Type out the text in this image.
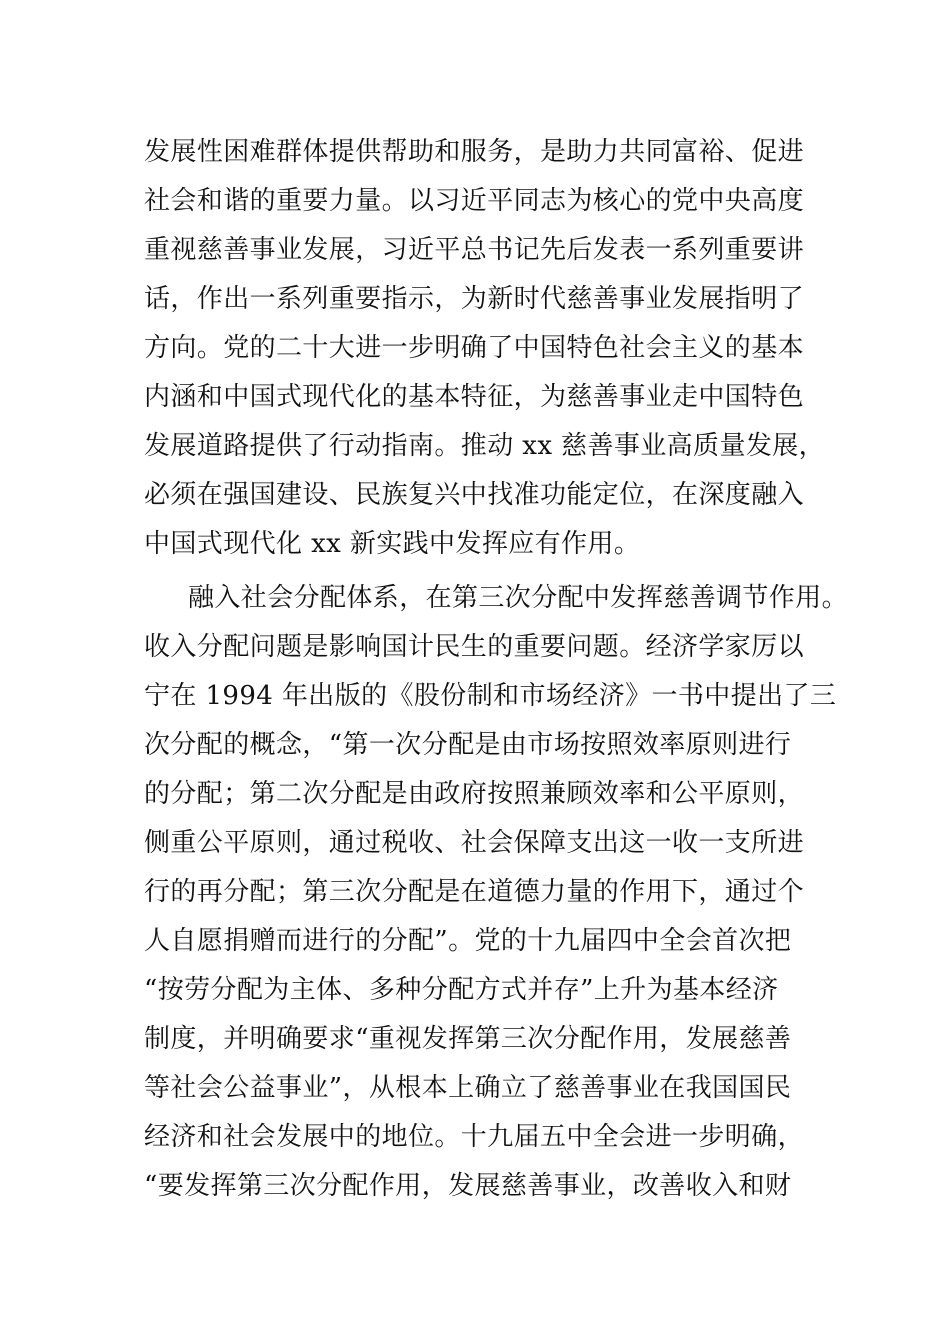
发展性困难群体提供帮助和服务，是助力共同富裕、促进
社会和谐的重要力量。以习近平同志为核心的党中央高度
重视慈善事业发展，习近平总书记先后发表一系列重要讲
话，作出一系列重要指示，为新时代慈善事业发展指明了
方向。党的二十大进一步明确了中国特色社会主义的基本
内涵和中国式现代化的基本特征，为慈善事业走中国特色
发展道路提供了行动指南。推动 xx 慈善事业高质量发展，
必须在强国建设、民族复兴中找准功能定位，在深度融入
中国式现代化 xx 新实践中发挥应有作用。
融入社会分配体系，在第三次分配中发挥慈善调节作用。
收入分配问题是影响国计民生的重要问题。经济学家厉以
宁在 1994 年出版的《股份制和市场经济》一书中提出了三
次分配的概念，“第一次分配是由市场按照效率原则进行
的分配；第二次分配是由政府按照兼顾效率和公平原则，
侧重公平原则，通过税收、社会保障支出这一收一支所进
行的再分配；第三次分配是在道德力量的作用下，通过个
人自愿捐赠而进行的分配”。党的十九届四中全会首次把
“按劳分配为主体、多种分配方式并存”上升为基本经济
制度，并明确要求“重视发挥第三次分配作用，发展慈善
等社会公益事业”，从根本上确立了慈善事业在我国国民
经济和社会发展中的地位。十九届五中全会进一步明确，
“要发挥第三次分配作用，发展慈善事业，改善收入和财
